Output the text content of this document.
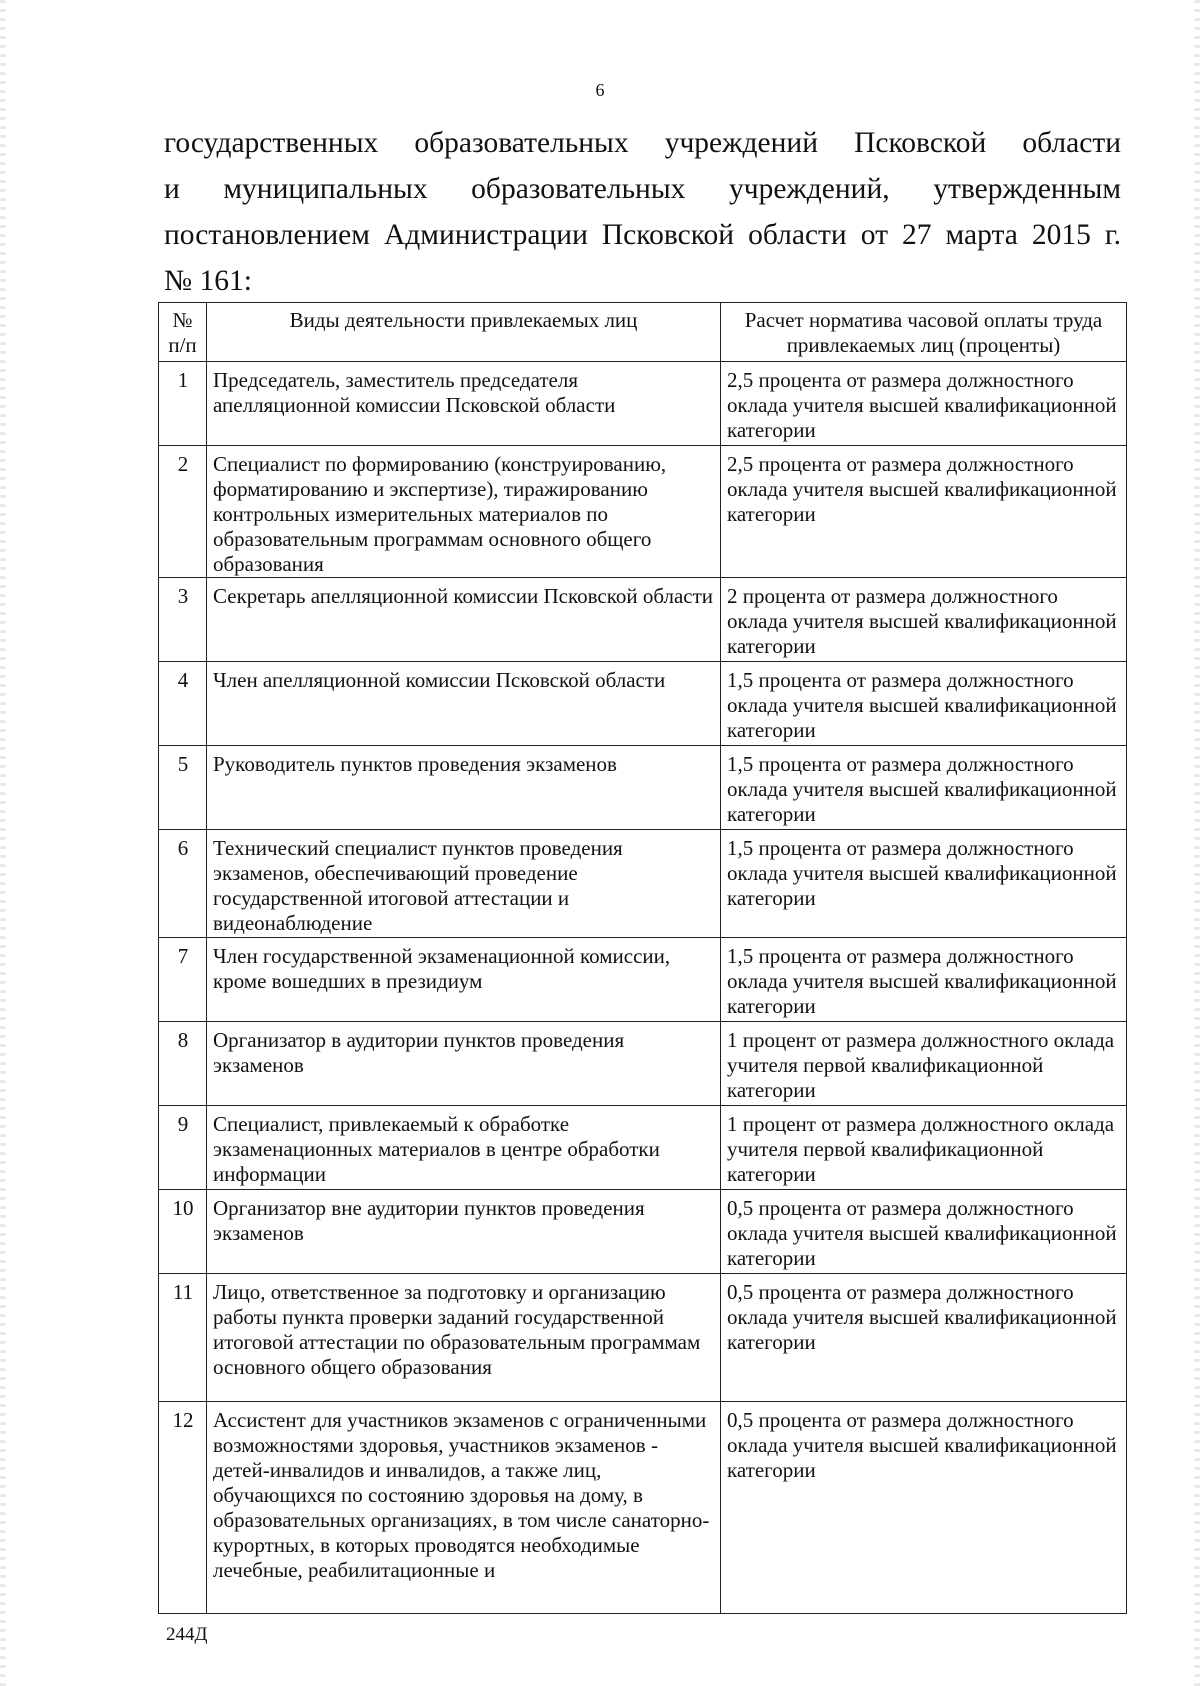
6
государственных образовательных учреждений Псковской области
и муниципальных образовательных учреждений, утвержденным
постановлением Администрации Псковской области от 27 марта 2015 г.
№ 161:
№ п/п	Виды деятельности привлекаемых лиц	Расчет норматива часовой оплаты труда привлекаемых лиц (проценты)
1	Председатель, заместитель председателя апелляционной комиссии Псковской области	2,5 процента от размера должностного оклада учителя высшей квалификационной категории
2	Специалист по формированию (конструированию, форматированию и экспертизе), тиражированию контрольных измерительных материалов по образовательным программам основного общего образования	2,5 процента от размера должностного оклада учителя высшей квалификационной категории
3	Секретарь апелляционной комиссии Псковской области	2 процента от размера должностного оклада учителя высшей квалификационной категории
4	Член апелляционной комиссии Псковской области	1,5 процента от размера должностного оклада учителя высшей квалификационной категории
5	Руководитель пунктов проведения экзаменов	1,5 процента от размера должностного оклада учителя высшей квалификационной категории
6	Технический специалист пунктов проведения экзаменов, обеспечивающий проведение государственной итоговой аттестации и видеонаблюдение	1,5 процента от размера должностного оклада учителя высшей квалификационной категории
7	Член государственной экзаменационной комиссии, кроме вошедших в президиум	1,5 процента от размера должностного оклада учителя высшей квалификационной категории
8	Организатор в аудитории пунктов проведения экзаменов	1 процент от размера должностного оклада учителя первой квалификационной категории
9	Специалист, привлекаемый к обработке экзаменационных материалов в центре обработки информации	1 процент от размера должностного оклада учителя первой квалификационной категории
10	Организатор вне аудитории пунктов проведения экзаменов	0,5 процента от размера должностного оклада учителя высшей квалификационной категории
11	Лицо, ответственное за подготовку и организацию работы пункта проверки заданий государственной итоговой аттестации по образовательным программам основного общего образования	0,5 процента от размера должностного оклада учителя высшей квалификационной категории
12	Ассистент для участников экзаменов с ограниченными возможностями здоровья, участников экзаменов - детей-инвалидов и инвалидов, а также лиц, обучающихся по состоянию здоровья на дому, в образовательных организациях, в том числе санаторно-курортных, в которых проводятся необходимые лечебные, реабилитационные и	0,5 процента от размера должностного оклада учителя высшей квалификационной категории
244Д
